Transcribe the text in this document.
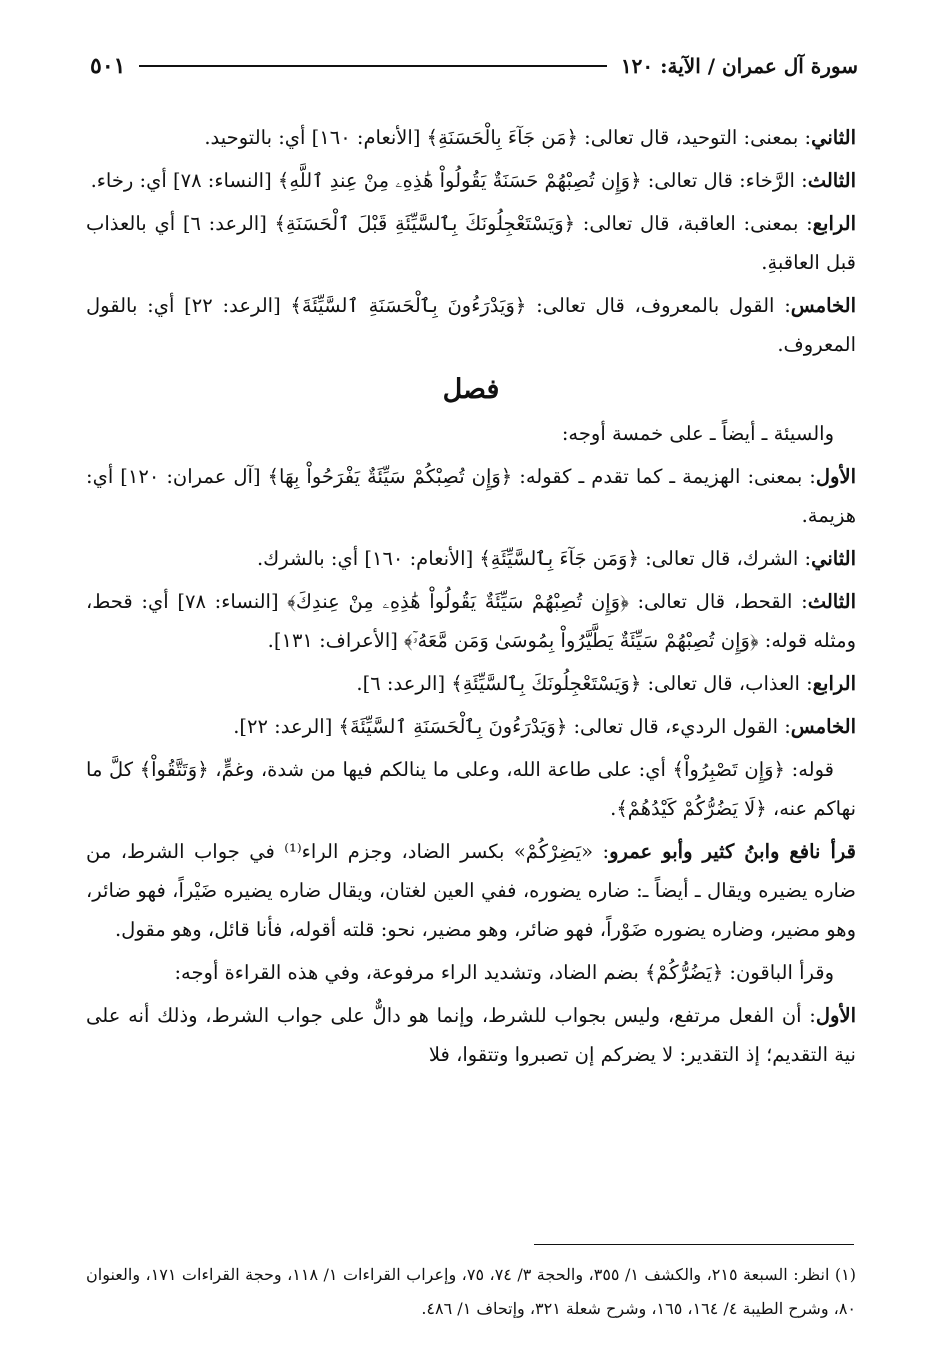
سورة آل عمران / الآية: ١٢٠
٥٠١

الثاني: بمعنى: التوحيد، قال تعالى: ﴿مَن جَآءَ بِالْحَسَنَةِ﴾ [الأنعام: ١٦٠] أي: بالتوحيد.

الثالث: الرَّخاء: قال تعالى: ﴿وَإِن تُصِبْهُمْ حَسَنَةٌ يَقُولُواْ هَٰذِهِۦ مِنْ عِندِ ٱللَّهِ﴾ [النساء: ٧٨] أي: رخاء.

الرابع: بمعنى: العاقبة، قال تعالى: ﴿وَيَسْتَعْجِلُونَكَ بِٱلسَّيِّئَةِ قَبْلَ ٱلْحَسَنَةِ﴾ [الرعد: ٦] أي بالعذاب قبل العاقبةِ.

الخامس: القول بالمعروف، قال تعالى: ﴿وَيَدْرَءُونَ بِٱلْحَسَنَةِ ٱلسَّيِّئَةَ﴾ [الرعد: ٢٢] أي: بالقول المعروف.

فصل

والسيئة ـ أيضاً ـ على خمسة أوجه:

الأول: بمعنى: الهزيمة ـ كما تقدم ـ كقوله: ﴿وَإِن تُصِبْكُمْ سَيِّئَةٌ يَفْرَحُواْ بِهَا﴾ [آل عمران: ١٢٠] أي: هزيمة.

الثاني: الشرك، قال تعالى: ﴿وَمَن جَآءَ بِٱلسَّيِّئَةِ﴾ [الأنعام: ١٦٠] أي: بالشرك.

الثالث: القحط، قال تعالى: ﴿وَإِن تُصِبْهُمْ سَيِّئَةٌ يَقُولُواْ هَٰذِهِۦ مِنْ عِندِكَ﴾ [النساء: ٧٨] أي: قحط، ومثله قوله: ﴿وَإِن تُصِبْهُمْ سَيِّئَةٌ يَطَّيَّرُواْ بِمُوسَىٰ وَمَن مَّعَهُۥٓ﴾ [الأعراف: ١٣١].

الرابع: العذاب، قال تعالى: ﴿وَيَسْتَعْجِلُونَكَ بِٱلسَّيِّئَةِ﴾ [الرعد: ٦].

الخامس: القول الرديء، قال تعالى: ﴿وَيَدْرَءُونَ بِٱلْحَسَنَةِ ٱلسَّيِّئَةَ﴾ [الرعد: ٢٢].

قوله: ﴿وَإِن تَصْبِرُواْ﴾ أي: على طاعة الله، وعلى ما ينالكم فيها من شدة، وغمٍّ، ﴿وَتَتَّقُواْ﴾ كلَّ ما نهاكم عنه، ﴿لَا يَضُرُّكُمْ كَيْدُهُمْ﴾.

قرأ نافع وابنُ كثير وأبو عمرو: «يَضِرْكُمْ» بكسر الضاد، وجزم الراء⁽¹⁾ في جواب الشرط، من ضاره يضيره ويقال ـ أيضاً ـ: ضاره يضوره، ففي العين لغتان، ويقال ضاره يضيره ضَيْراً، فهو ضائر، وهو مضير، وضاره يضوره ضَوْراً، فهو ضائر، وهو مضير، نحو: قلته أقوله، فأنا قائل، وهو مقول.

وقرأ الباقون: ﴿يَضُرُّكُمْ﴾ بضم الضاد، وتشديد الراء مرفوعة، وفي هذه القراءة أوجه:

الأول: أن الفعل مرتفع، وليس بجواب للشرط، وإنما هو دالٌّ على جواب الشرط، وذلك أنه على نية التقديم؛ إذ التقدير: لا يضركم إن تصبروا وتتقوا، فلا

(١) انظر: السبعة ٢١٥، والكشف ١/ ٣٥٥، والحجة ٣/ ٧٤، ٧٥، وإعراب القراءات ١/ ١١٨، وحجة القراءات ١٧١، والعنوان ٨٠، وشرح الطيبة ٤/ ١٦٤، ١٦٥، وشرح شعلة ٣٢١، وإتحاف ١/ ٤٨٦.
